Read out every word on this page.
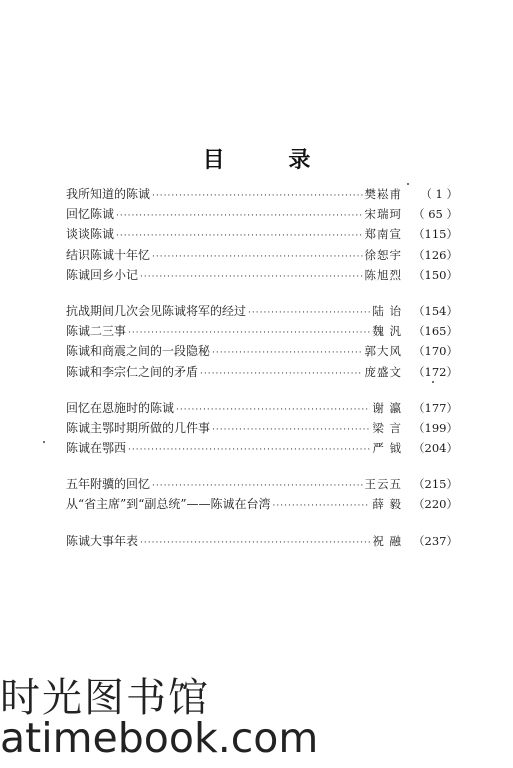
目 录
我所知道的陈诚 ·····	樊崧甫	（ 1 ）
回忆陈诚 ·····	宋瑞珂 （ 65 ）
谈谈陈诚 ·····	郑南宣 （115）
结识陈诚十年忆 ·····	徐恕宇 （126）
陈诚回乡小记 ·····	陈旭烈 （150）
抗战期间几次会见陈诚将军的经过 ·····	陆 诒 （154）
陈诚二三事 ·····	魏 汎 （165）
陈诚和商震之间的一段隐秘 ·····	郭大风 （170）
陈诚和李宗仁之间的矛盾 ·····	庞盛文 （172）
回忆在恩施时的陈诚 ·····	谢 瀛 （177）
陈诚主鄂时期所做的几件事 ·····	梁 言 （199）
陈诚在鄂西 ·····	严 钺 （204）
五年附骥的回忆 ·····	王云五 （215）
从“省主席”到“副总统”——陈诚在台湾 ·····	薛 毅 （220）
陈诚大事年表 ·····	祝 融 （237）
时光图书馆
atimebook.com
